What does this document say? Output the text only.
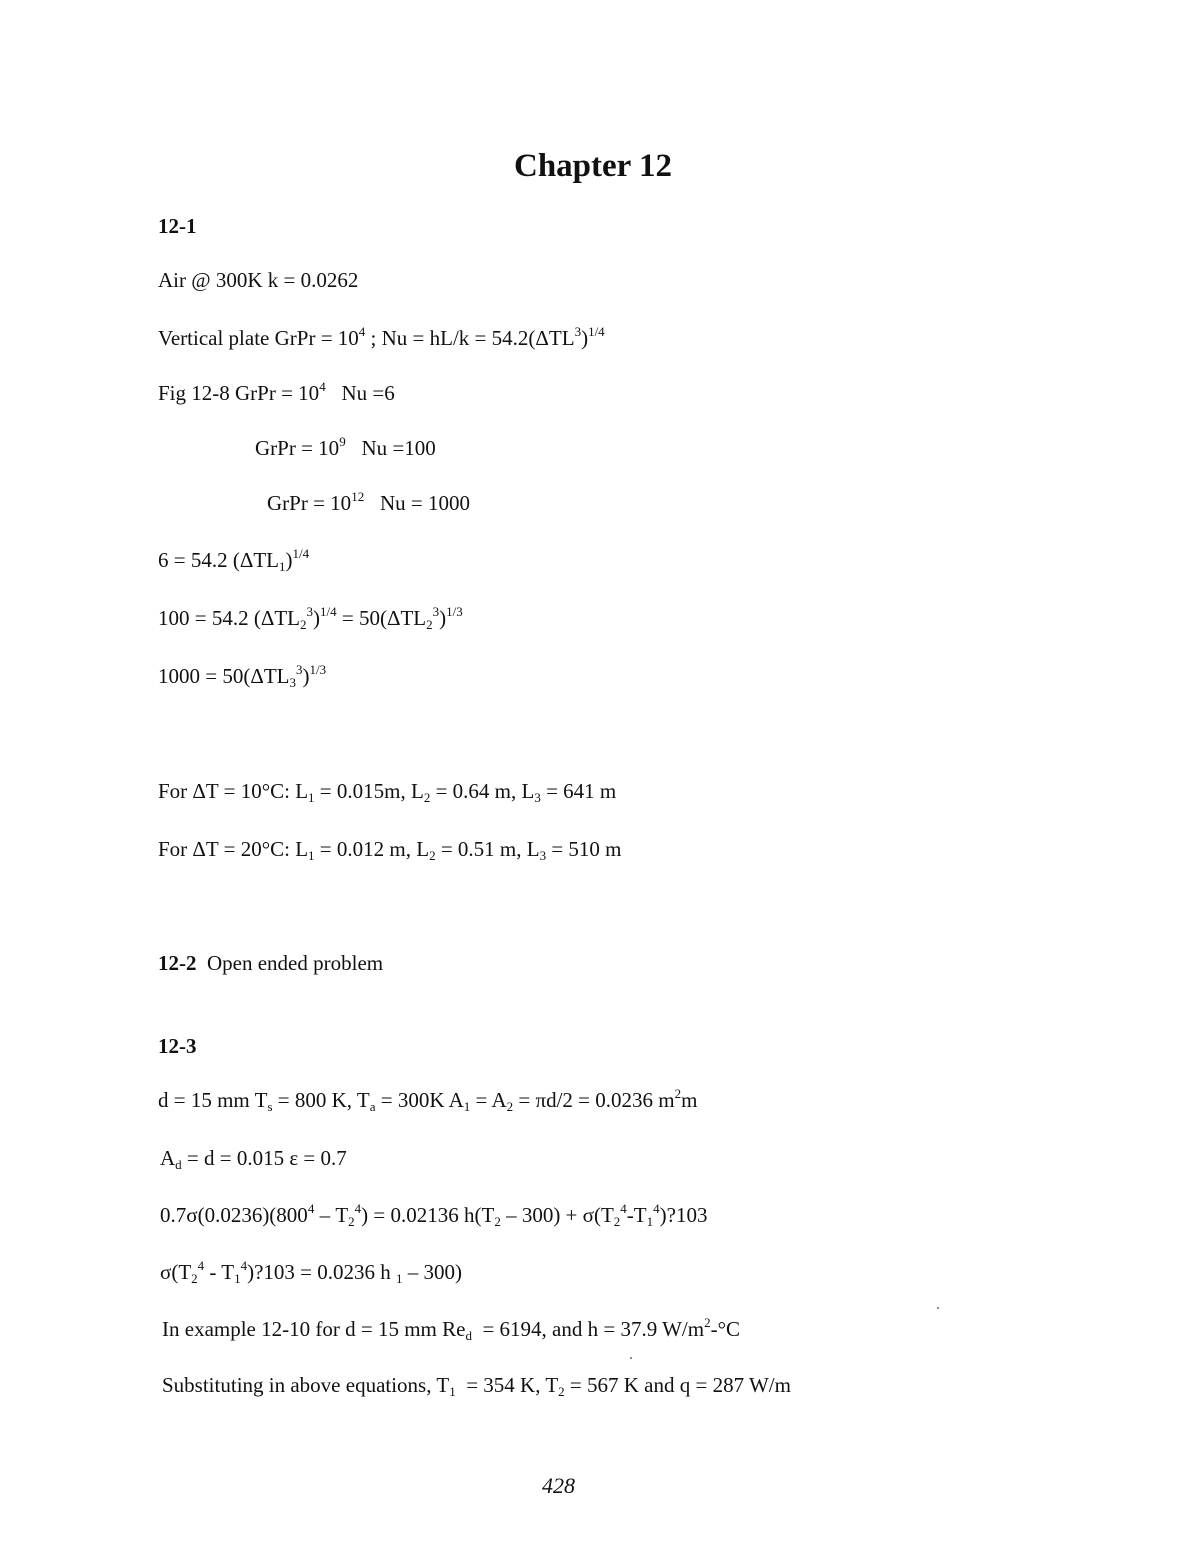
Chapter 12
12-1
Air @ 300K k = 0.0262
Vertical plate GrPr = $10^4$ ; $Nu = hL/k = 54.2(\Delta TL^3)^{1/4}$
Fig 12-8 GrPr = $10^4$   Nu =6
GrPr = $10^9$   Nu =100
GrPr = $10^{12}$   Nu = 1000
6 = 54.2 $(\Delta TL_1)^{1/4}$
100 = 54.2 $(\Delta TL_2^3)^{1/4} = 50(\Delta TL_2^3)^{1/3}$
$1000 = 50(\Delta TL_3^3)^{1/3}$
For ΔT = 10°C: $L_1 = 0.015m$, $L_2 = 0.64$ m, $L_3 = 641$ m
For ΔT = 20°C: $L_1 = 0.012$ m, $L_2 = 0.51$ m, $L_3 = 510$ m
12-2  Open ended problem
12-3
d = 15 mm $T_s = 800$ K, $T_a = 300K$ $A_1 = A_2 = \pi d/2 = 0.0236$ $m^2m$
$A_d = d = 0.015$ ε = 0.7
$0.7\sigma(0.0236)(800^4 - T_2^4) = 0.02136$ $h(T_2 - 300)$ + $\sigma(T_2^4-T_1^4)?103$
$\sigma(T_2^4$ - $T_1^4)?103 = 0.0236$ h $_1$ – 300)
In example 12-10 for d = 15 mm $Re_d = 6194$, and h = 37.9 $W/m^2-^\circ C$
Substituting in above equations, $T_1 = 354$ K, $T_2 = 567$ K and q = 287 W/m
428
